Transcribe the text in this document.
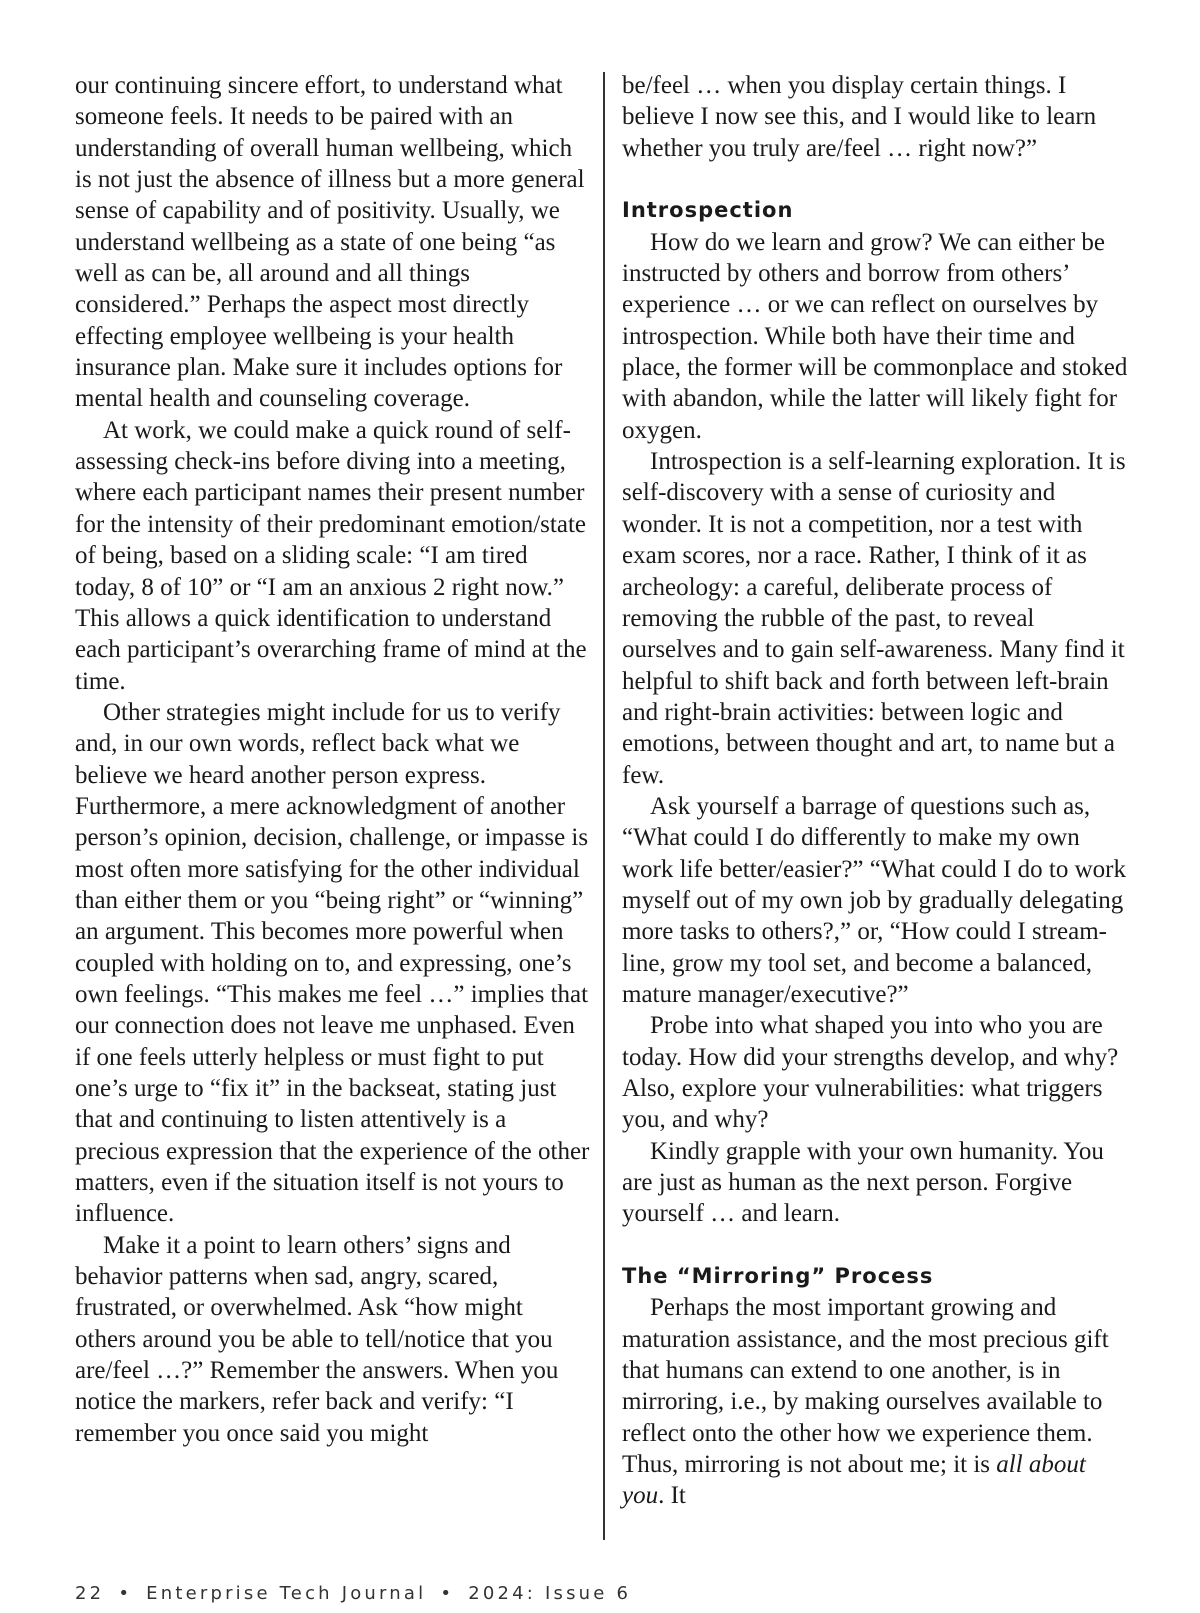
our continuing sincere effort, to understand what someone feels. It needs to be paired with an understanding of overall human wellbeing, which is not just the absence of illness but a more general sense of capability and of positivity. Usually, we understand wellbeing as a state of one being “as well as can be, all around and all things considered.” Perhaps the aspect most directly effecting employee wellbeing is your health insurance plan. Make sure it includes options for mental health and counseling coverage.

At work, we could make a quick round of self-assessing check-ins before diving into a meeting, where each participant names their present number for the intensity of their predominant emotion/state of being, based on a sliding scale: “I am tired today, 8 of 10” or “I am an anxious 2 right now.” This allows a quick identification to understand each participant’s overarching frame of mind at the time.

Other strategies might include for us to verify and, in our own words, reflect back what we believe we heard another person express. Furthermore, a mere acknowledgment of another person’s opinion, decision, challenge, or impasse is most often more satisfying for the other individual than either them or you “being right” or “winning” an argument. This becomes more powerful when coupled with holding on to, and expressing, one’s own feelings. “This makes me feel …” implies that our connection does not leave me unphased. Even if one feels utterly helpless or must fight to put one’s urge to “fix it” in the backseat, stating just that and continuing to listen attentively is a precious expression that the experience of the other matters, even if the situation itself is not yours to influence.

Make it a point to learn others’ signs and behavior patterns when sad, angry, scared, frustrated, or overwhelmed. Ask “how might others around you be able to tell/notice that you are/feel …?” Remember the answers. When you notice the markers, refer back and verify: “I remember you once said you might

be/feel … when you display certain things. I believe I now see this, and I would like to learn whether you truly are/feel … right now?”

Introspection

How do we learn and grow? We can either be instructed by others and borrow from others’ experience … or we can reflect on ourselves by introspection. While both have their time and place, the former will be commonplace and stoked with abandon, while the latter will likely fight for oxygen.

Introspection is a self-learning exploration. It is self-discovery with a sense of curiosity and wonder. It is not a competition, nor a test with exam scores, nor a race. Rather, I think of it as archeology: a careful, deliberate process of removing the rubble of the past, to reveal ourselves and to gain self-awareness. Many find it helpful to shift back and forth between left-brain and right-brain activities: between logic and emotions, between thought and art, to name but a few.

Ask yourself a barrage of questions such as, “What could I do differently to make my own work life better/easier?” “What could I do to work myself out of my own job by gradually delegating more tasks to others?,” or, “How could I stream-line, grow my tool set, and become a balanced, mature manager/executive?”

Probe into what shaped you into who you are today. How did your strengths develop, and why? Also, explore your vulnerabilities: what triggers you, and why?

Kindly grapple with your own humanity. You are just as human as the next person. Forgive yourself … and learn.

The “Mirroring” Process

Perhaps the most important growing and maturation assistance, and the most precious gift that humans can extend to one another, is in mirroring, i.e., by making ourselves available to reflect onto the other how we experience them. Thus, mirroring is not about me; it is all about you. It

22 • Enterprise Tech Journal • 2024: Issue 6
